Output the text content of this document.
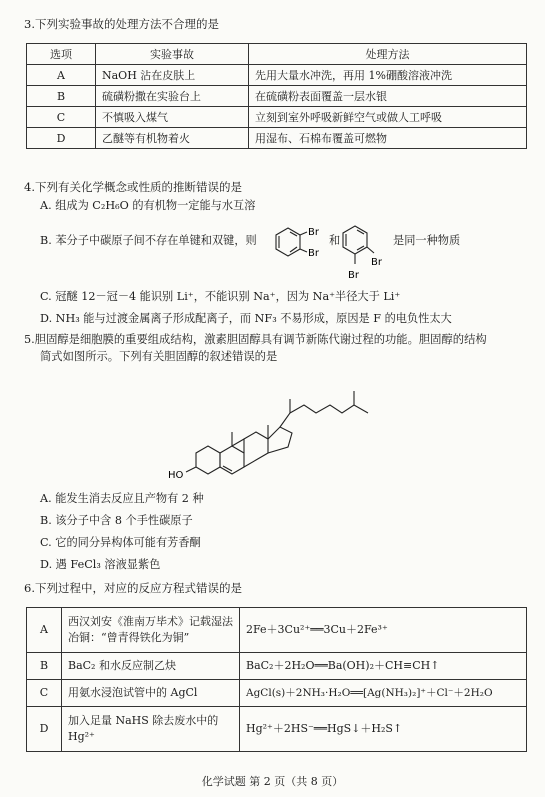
3.下列实验事故的处理方法不合理的是
选项	实验事故	处理方法
A	NaOH 沾在皮肤上	先用大量水冲洗，再用 1%硼酸溶液冲洗
B	硫磺粉撒在实验台上	在硫磺粉表面覆盖一层水银
C	不慎吸入煤气	立刻到室外呼吸新鲜空气或做人工呼吸
D	乙醚等有机物着火	用湿布、石棉布覆盖可燃物
4.下列有关化学概念或性质的推断错误的是
A. 组成为 C₂H₆O 的有机物一定能与水互溶
B. 苯分子中碳原子间不存在单键和双键，则	和	是同一种物质
Br
Br
Br
Br
C. 冠醚 12－冠－4 能识别 Li⁺，不能识别 Na⁺，因为 Na⁺半径大于 Li⁺
D. NH₃ 能与过渡金属离子形成配离子，而 NF₃ 不易形成，原因是 F 的电负性太大
5.胆固醇是细胞膜的重要组成结构，激素胆固醇具有调节新陈代谢过程的功能。胆固醇的结构
简式如图所示。下列有关胆固醇的叙述错误的是
HO
A. 能发生消去反应且产物有 2 种
B. 该分子中含 8 个手性碳原子
C. 它的同分异构体可能有芳香酮
D. 遇 FeCl₃ 溶液显紫色
6.下列过程中，对应的反应方程式错误的是
A	西汉刘安《淮南万毕术》记载湿法冶铜：“曾青得铁化为铜”	2Fe＋3Cu²⁺══3Cu＋2Fe³⁺
B	BaC₂ 和水反应制乙炔	BaC₂＋2H₂O══Ba(OH)₂＋CH≡CH↑
C	用氨水浸泡试管中的 AgCl	AgCl(s)＋2NH₃·H₂O══[Ag(NH₃)₂]⁺＋Cl⁻＋2H₂O
D	加入足量 NaHS 除去废水中的 Hg²⁺	Hg²⁺＋2HS⁻══HgS↓＋H₂S↑
化学试题 第 2 页（共 8 页）
